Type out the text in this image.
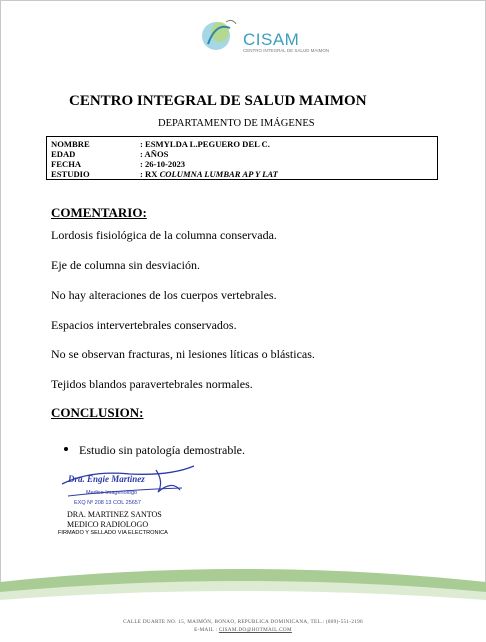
CISAM
CENTRO INTEGRAL DE SALUD MAIMON
CENTRO INTEGRAL DE SALUD MAIMON
DEPARTAMENTO DE IMÁGENES
NOMBRE	: ESMYLDA L.PEGUERO DEL C.
EDAD	: AÑOS
FECHA	: 26-10-2023
ESTUDIO	: RX COLUMNA LUMBAR AP Y LAT
COMENTARIO:
Lordosis fisiológica de la columna conservada.
Eje de columna sin desviación.
No hay alteraciones de los cuerpos vertebrales.
Espacios intervertebrales conservados.
No se observan fracturas, ni lesiones líticas o blásticas.
Tejidos blandos paravertebrales normales.
CONCLUSION:
Estudio sin patología demostrable.
Dra. Engie Martinez
Medico Imagenologo
EXQ Nº 208 13 COL 25657
DRA. MARTINEZ SANTOS
MEDICO RADIOLOGO
FIRMADO Y SELLADO VIA ELECTRONICA
CALLE DUARTE NO. 15, MAIMÓN, BONAO, REPUBLICA DOMINICANA, TEL.: (809)-551-2196
E-MAIL : CISAM.DO@HOTMAIL.COM
